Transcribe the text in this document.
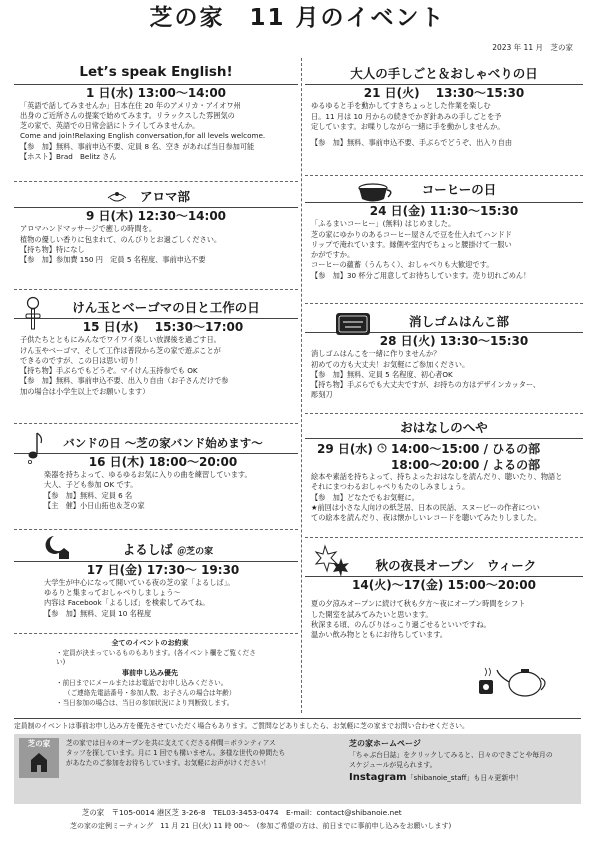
芝の家　11 月のイベント
2023 年 11 月　芝の家
Let’s speak English!
1 日(水) 13:00〜14:00

「英語で話してみませんか」日本在住 20 年のアメリカ・アイオワ州

出身のご近所さんの提案で始めてみます。リラックスした雰囲気の

芝の家で、英語での日常会話にトライしてみませんか。

Come and join!Relaxing English conversation,for all levels welcome.

【参　加】無料、事前申込不要、定員 8 名、空き があれば当日参加可能

【ホスト】Brad　Belitz さん

アロマ部
9 日(木) 12:30〜14:00

アロマハンドマッサージで癒しの時間を。

植物の優しい香りに包まれて、のんびりとお過ごしください。

【持ち物】特になし

【参　加】参加費 150 円　定員 5 名程度、事前申込不要

けん玉とベーゴマの日と工作の日
15 日(水)　 15:30〜17:00

子供たちとともにみんなでワイワイ楽しい放課後を過ごす日。

けん玉やベーゴマ、そして工作は普段から芝の家で遊ぶことが

できるのですが、この日は思い切り！

【持ち物】手ぶらでもどうぞ。マイけん玉持参でも OK

【参　加】無料、事前申込不要、出入り自由（お子さんだけで参

加の場合は小学生以上でお願いします）

バンドの日 〜芝の家バンド始めます〜
16 日(木) 18:00〜20:00

楽器を持ちよって、ゆるゆるお気に入りの曲を練習しています。

大人、子ども参加 OK です。

【参　加】無料、定員 6 名

【主　催】小日山拓也＆芝の家

よるしば ＠芝の家
17 日(金) 17:30〜 19:30

大学生が中心になって開いている夜の芝の家「よるしば」。

ゆるりと集まっておしゃべりしましょう〜

内容は Facebook「よるしば」を検索してみてね。

【参　加】無料、定員 10 名程度

全てのイベントのお約束
・定員が決まっているものもあります。(各イベント欄をご覧ください)
事前申し込み優先
・前日までにメールまたはお電話でお申し込みください。
（ご連絡先電話番号・参加人数、お子さんの場合は年齢）
・当日参加の場合は、当日の参加状況により判断致します。
大人の手しごと＆おしゃべりの日
21 日(火)　 13:30〜15:30

ゆるゆると手を動かしてすきちょっとした作業を楽しむ

日。11 月は 10 月からの続きでかぎ針あみの手しごとを予

定しています。お喋りしながら一緒に手を動かしませんか。

【参　加】無料、事前申込不要、手ぶらでどうぞ、出入り自由

コーヒーの日
24 日(金) 11:30〜15:30

「ふるまいコーヒー」(無料) はじめました。

芝の家にゆかりのあるコーヒー屋さんで豆を仕入れてハンドド

リップで淹れています。縁側や室内でちょっと腰掛けて一服い

かがですか。

コーヒーの蘊蓄（うんちく）、おしゃべりも大歓迎です。

【参　加】30 杯分ご用意してお待ちしています。売り切れごめん！

消しゴムはんこ部
28 日(火) 13:30〜15:30

消しゴムはんこを一緒に作りませんか？

初めての方も大丈夫！お気軽にご参加ください。

【参　加】無料、定員 5 名程度、初心者OK

【持ち物】手ぶらでも大丈夫ですが、お持ちの方はデザインカッター、

彫刻刀

おはなしのへや
29 日(水) 14:00〜15:00 / ひるの部
18:00〜20:00 / よるの部

絵本や素話を持ちよって、持ちよったおはなしを読んだり、聴いたり、物語と

それにまつわるおしゃべりもたのしみましょう。

【参　加】どなたでもお気軽に。

★前回は小さな人向けの紙芝居、日本の民話、スヌーピーの作者につい

ての絵本を読んだり、夜は懐かしいレコードを聴いてみたりしました。

秋の夜長オープン　ウィーク
14(火)〜17(金) 15:00〜20:00

夏の夕涼みオープンに続けて秋も夕方〜夜にオープン時間をシフト

した開室を試みてみたいと思います。

秋深まる頃、のんびりほっこり過ごせるといいですね。

温かい飲み物とともにお待ちしています。

定員制のイベントは事前お申し込み方を優先させていただく場合もあります。ご質問などありましたら、お気軽に芝の家までお問い合わせください。
芝の家	芝の家では日々のオープンを共に支えてくださる仲間＝ボランティアス

タッフを探しています。月に 1 回でも構いません。多様な世代の仲間たち

があなたのご参加をお待ちしています。お気軽にお声がけください！

芝の家ホームページ

「ちゃぶ台日誌」をクリックしてみると、日々のできごとや毎月の

スケジュールが見られます。

Instagram「shibanoie_staff」も日々更新中！
芝の家　〒105-0014 港区芝 3-26-8　TEL03-3453-0474　E-mail：contact@shibanoie.net
芝の家の定例ミーティング　11 月 21 日(火) 11 時 00〜　(参加ご希望の方は、前日までに事前申し込みをお願いします)
